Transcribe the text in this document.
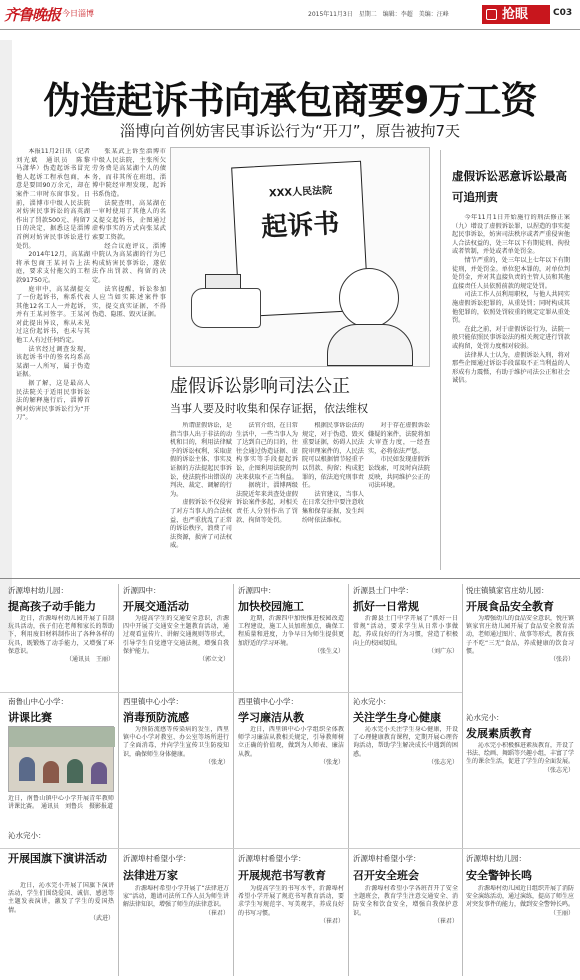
齐鲁晚报 今日淄博	2015年11月3日　星期二　编辑：李超　美编：汪峰	抢眼	C03
伪造起诉书向承包商要9万工资
淄博向首例妨害民事诉讼行为“开刀”，原告被拘7天

本报11月2日讯（记者　刘光斌　通讯员　陈黎　马潇华）伪造起诉书冒充他人起诉工程承包商，本意是要回90万余元，却在案件二审时东窗事发。日前，淄博市中级人民法院对妨害民事诉讼的高英湖作出了罚款500元、拘留7日的决定，据悉这是淄博首例对妨害民事诉讼进行处罚。

2014年12月，高某湖将承包商王某河告上法庭，要求支付拖欠的工程款91750元。

庭审中，高某湖提交了一份起诉书，称系代表其他12名工人一并起诉，并有王某河签字。王某河对此提出异议，称从未见过这份起诉书，也未与其他工人有过任何约定。

法官经过调查发现，该起诉书中的签名均系高某湖一人所写，属于伪造证据。

据了解，这是最高人民法院关于适用民事诉讼法的解释施行后，淄博首例对妨害民事诉讼行为“开刀”。

张某武上诉至淄博市中级人民法院，主张所欠劳务费是高某湖个人的债务，而非其所在班组，淄博中院经审理发现，起诉书系伪造。

法院查明，高某湖在一审时使用了其他人的名义提交起诉书，企图通过虚构事实的方式向张某武索要工资款。

经合议庭评议，淄博中院认为高某湖的行为已构成妨害民事诉讼，遂依法作出罚款、拘留的决定。

法官提醒，诉讼参加人应当如实陈述案件事实，提交真实证据，不得伪造、隐匿、毁灭证据。

XXX人民法院
起诉书
虚假诉讼影响司法公正
当事人要及时收集和保存证据，依法维权

所谓虚假诉讼，是指当事人出于非法的动机和目的，利用法律赋予的诉讼权利，采取虚假的诉讼主体、事实及证据的方法提起民事诉讼，使法院作出错误的判决、裁定、调解的行为。

虚假诉讼不仅侵害了对方当事人的合法权益，也严重扰乱了正常的诉讼秩序，浪费了司法资源，损害了司法权威。

法官介绍，在日常生活中，一些当事人为了达到自己的目的，往往会通过伪造证据、虚构事实等手段提起诉讼，企图利用法院的判决来获取不正当利益。

据统计，淄博两级法院近年来共查处虚假诉讼案件多起，对相关责任人分别作出了罚款、拘留等处罚。

根据民事诉讼法的规定，对于伪造、毁灭重要证据，妨碍人民法院审理案件的，人民法院可以根据情节轻重予以罚款、拘留；构成犯罪的，依法追究刑事责任。

法官建议，当事人在日常交往中要注意收集和保存证据，发生纠纷时依法维权。

对于存在虚假诉讼嫌疑的案件，法院将加大审查力度，一经查实，必将依法严惩。

市民如发现虚假诉讼线索，可及时向法院反映，共同维护公正的司法环境。

虚假诉讼恶意诉讼最高可追刑责

今年11月1日开始施行的刑法修正案（九）增设了虚假诉讼罪，以捏造的事实提起民事诉讼，妨害司法秩序或者严重侵害他人合法权益的，处三年以下有期徒刑、拘役或者管制，并处或者单处罚金。

情节严重的，处三年以上七年以下有期徒刑，并处罚金。单位犯本罪的，对单位判处罚金，并对其直接负责的主管人员和其他直接责任人员依照前款的规定处罚。

司法工作人员利用职权，与他人共同实施虚假诉讼犯罪的，从重处罚；同时构成其他犯罪的，依照处罚较重的规定定罪从重处罚。

在此之前，对于虚假诉讼行为，法院一般只能依照民事诉讼法的相关规定进行罚款或拘留，处罚力度相对较弱。

法律界人士认为，虚假诉讼入刑，将对那些企图通过诉讼手段谋取不正当利益的人形成有力震慑，有助于维护司法公正和社会诚信。

沂源埠村幼儿园：
提高孩子动手能力

近日，沂源埠村幼儿园开展了自制玩具活动，孩子们在老师和家长的帮助下，利用废旧材料制作出了各种各样的玩具，既锻炼了动手能力，又增强了环保意识。

（通讯员　王丽）
沂源四中：
开展交通活动

为提高学生的交通安全意识，沂源四中开展了交通安全主题教育活动，通过观看宣传片、讲解交通规则等形式，引导学生自觉遵守交通法规，增强自我保护能力。

（郭立文）
沂源四中：
加快校园施工

近期，沂源四中加快推进校园改造工程建设，施工人员加班加点，确保工程质量和进度，力争早日为师生提供更加舒适的学习环境。

（张生义）
沂源县土门中学：
抓好一日常规

沂源县土门中学开展了“抓好一日常规”活动，要求学生从日常小事做起，养成良好的行为习惯，营造了积极向上的校园氛围。

（刘广东）
悦庄镇镇家官庄幼儿园：
开展食品安全教育

为增强幼儿的食品安全意识，悦庄镇镇家官庄幼儿园开展了食品安全教育活动，老师通过图片、故事等形式，教育孩子不吃“三无”食品，养成健康的饮食习惯。

（张岩）
南鲁山中心小学：
讲课比赛
近日，南鲁山镇中心小学开展青年教师讲课比赛。　通讯员　刘鲁兵　摄影报道
西里镇中心小学：
消毒预防流感

为预防流感等传染病的发生，西里镇中心小学对教室、办公室等场所进行了全面消毒，并向学生宣传卫生防疫知识，确保师生身体健康。

（张龙）
西里镇中心小学：
学习廉洁从教

近日，西里镇中心小学组织全体教师学习廉洁从教相关规定，引导教师树立正确的价值观，做到为人师表、廉洁从教。

（张龙）
沁水完小：
关注学生身心健康

沁水完小关注学生身心健康，开设了心理健康教育课程，定期开展心理咨询活动，帮助学生解决成长中遇到的困惑。

（张志光）
沁水完小：
发展素质教育

沁水完小积极推进素质教育，开设了书法、绘画、舞蹈等兴趣小组，丰富了学生的课余生活，促进了学生的全面发展。

（张志光）
沁水完小：
开展国旗下演讲活动

近日，沁水完小开展了国旗下演讲活动，学生们围绕爱国、诚信、感恩等主题发表演讲，激发了学生的爱国热情。

（武进）
沂源埠村希望小学：
法律进万家

沂源埠村希望小学开展了“法律进万家”活动，邀请司法所工作人员为师生讲解法律知识，增强了师生的法律意识。

（崔君）
沂源埠村希望小学：
开展规范书写教育

为提高学生的书写水平，沂源埠村希望小学开展了规范书写教育活动，要求学生写规范字、写美观字，养成良好的书写习惯。

（崔君）
沂源埠村希望小学：
召开安全班会

沂源埠村希望小学各班召开了安全主题班会，教育学生注意交通安全、消防安全和饮食安全，增强自我保护意识。

（崔君）
沂源埠村幼儿园：
安全警钟长鸣

沂源埠村幼儿园近日组织开展了消防安全演练活动，通过演练，提高了师生应对突发事件的能力，做到安全警钟长鸣。

（王丽）
